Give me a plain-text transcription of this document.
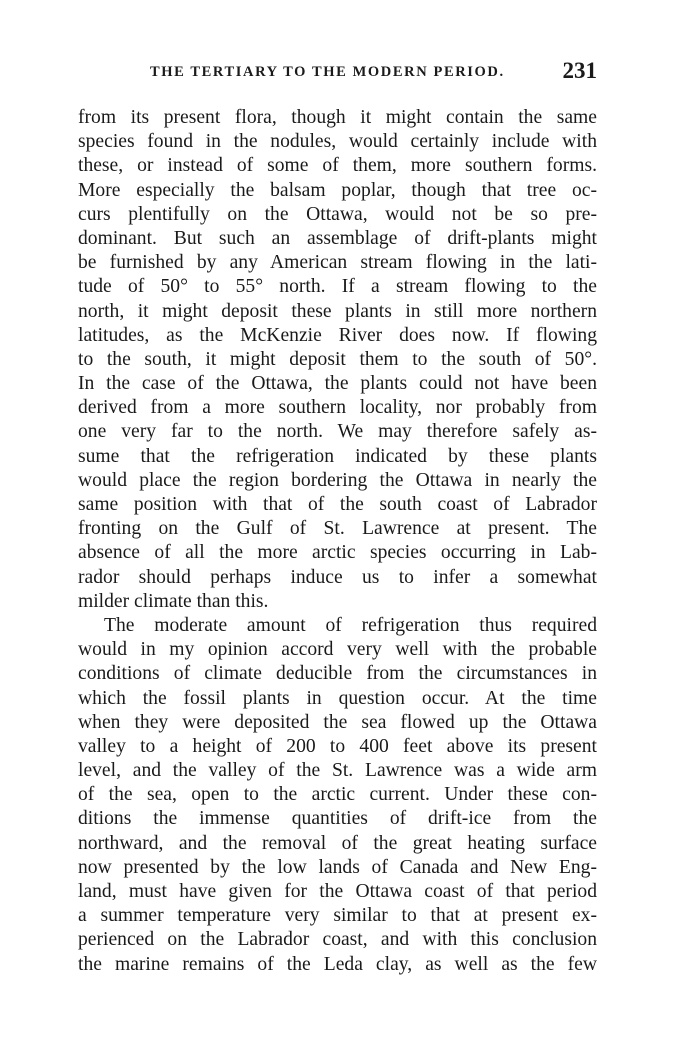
THE TERTIARY TO THE MODERN PERIOD.	231
from its present flora, though it might contain the same
species found in the nodules, would certainly include with
these, or instead of some of them, more southern forms.
More especially the balsam poplar, though that tree oc-
curs plentifully on the Ottawa, would not be so pre-
dominant. But such an assemblage of drift-plants might
be furnished by any American stream flowing in the lati-
tude of 50° to 55° north. If a stream flowing to the
north, it might deposit these plants in still more northern
latitudes, as the McKenzie River does now. If flowing
to the south, it might deposit them to the south of 50°.
In the case of the Ottawa, the plants could not have been
derived from a more southern locality, nor probably from
one very far to the north. We may therefore safely as-
sume that the refrigeration indicated by these plants
would place the region bordering the Ottawa in nearly the
same position with that of the south coast of Labrador
fronting on the Gulf of St. Lawrence at present. The
absence of all the more arctic species occurring in Lab-
rador should perhaps induce us to infer a somewhat
milder climate than this.
The moderate amount of refrigeration thus required
would in my opinion accord very well with the probable
conditions of climate deducible from the circumstances in
which the fossil plants in question occur. At the time
when they were deposited the sea flowed up the Ottawa
valley to a height of 200 to 400 feet above its present
level, and the valley of the St. Lawrence was a wide arm
of the sea, open to the arctic current. Under these con-
ditions the immense quantities of drift-ice from the
northward, and the removal of the great heating surface
now presented by the low lands of Canada and New Eng-
land, must have given for the Ottawa coast of that period
a summer temperature very similar to that at present ex-
perienced on the Labrador coast, and with this conclusion
the marine remains of the Leda clay, as well as the few
